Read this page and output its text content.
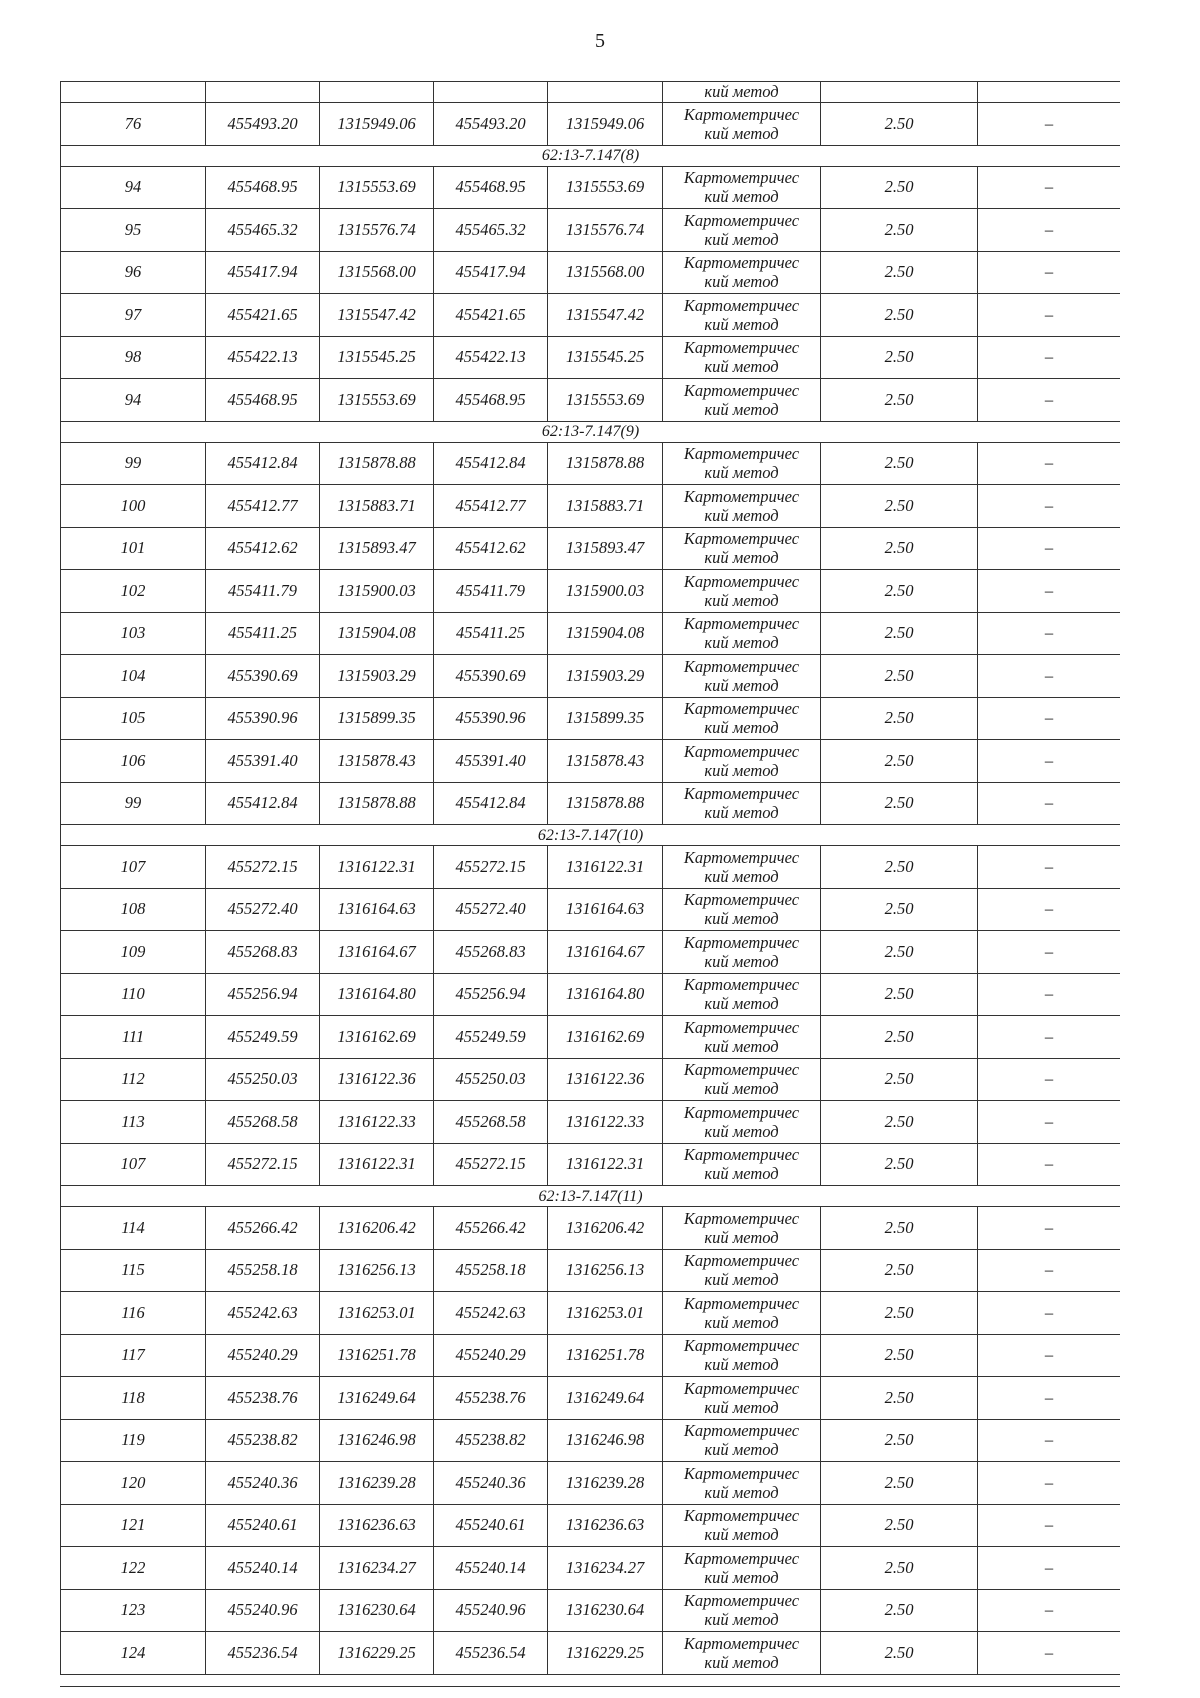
5
					кий метод		
76	455493.20	1315949.06	455493.20	1315949.06	Картометричес
кий метод	2.50	–
62:13-7.147(8)							
94	455468.95	1315553.69	455468.95	1315553.69	Картометричес
кий метод	2.50	–
95	455465.32	1315576.74	455465.32	1315576.74	Картометричес
кий метод	2.50	–
96	455417.94	1315568.00	455417.94	1315568.00	Картометричес
кий метод	2.50	–
97	455421.65	1315547.42	455421.65	1315547.42	Картометричес
кий метод	2.50	–
98	455422.13	1315545.25	455422.13	1315545.25	Картометричес
кий метод	2.50	–
94	455468.95	1315553.69	455468.95	1315553.69	Картометричес
кий метод	2.50	–
62:13-7.147(9)							
99	455412.84	1315878.88	455412.84	1315878.88	Картометричес
кий метод	2.50	–
100	455412.77	1315883.71	455412.77	1315883.71	Картометричес
кий метод	2.50	–
101	455412.62	1315893.47	455412.62	1315893.47	Картометричес
кий метод	2.50	–
102	455411.79	1315900.03	455411.79	1315900.03	Картометричес
кий метод	2.50	–
103	455411.25	1315904.08	455411.25	1315904.08	Картометричес
кий метод	2.50	–
104	455390.69	1315903.29	455390.69	1315903.29	Картометричес
кий метод	2.50	–
105	455390.96	1315899.35	455390.96	1315899.35	Картометричес
кий метод	2.50	–
106	455391.40	1315878.43	455391.40	1315878.43	Картометричес
кий метод	2.50	–
99	455412.84	1315878.88	455412.84	1315878.88	Картометричес
кий метод	2.50	–
62:13-7.147(10)							
107	455272.15	1316122.31	455272.15	1316122.31	Картометричес
кий метод	2.50	–
108	455272.40	1316164.63	455272.40	1316164.63	Картометричес
кий метод	2.50	–
109	455268.83	1316164.67	455268.83	1316164.67	Картометричес
кий метод	2.50	–
110	455256.94	1316164.80	455256.94	1316164.80	Картометричес
кий метод	2.50	–
111	455249.59	1316162.69	455249.59	1316162.69	Картометричес
кий метод	2.50	–
112	455250.03	1316122.36	455250.03	1316122.36	Картометричес
кий метод	2.50	–
113	455268.58	1316122.33	455268.58	1316122.33	Картометричес
кий метод	2.50	–
107	455272.15	1316122.31	455272.15	1316122.31	Картометричес
кий метод	2.50	–
62:13-7.147(11)							
114	455266.42	1316206.42	455266.42	1316206.42	Картометричес
кий метод	2.50	–
115	455258.18	1316256.13	455258.18	1316256.13	Картометричес
кий метод	2.50	–
116	455242.63	1316253.01	455242.63	1316253.01	Картометричес
кий метод	2.50	–
117	455240.29	1316251.78	455240.29	1316251.78	Картометричес
кий метод	2.50	–
118	455238.76	1316249.64	455238.76	1316249.64	Картометричес
кий метод	2.50	–
119	455238.82	1316246.98	455238.82	1316246.98	Картометричес
кий метод	2.50	–
120	455240.36	1316239.28	455240.36	1316239.28	Картометричес
кий метод	2.50	–
121	455240.61	1316236.63	455240.61	1316236.63	Картометричес
кий метод	2.50	–
122	455240.14	1316234.27	455240.14	1316234.27	Картометричес
кий метод	2.50	–
123	455240.96	1316230.64	455240.96	1316230.64	Картометричес
кий метод	2.50	–
124	455236.54	1316229.25	455236.54	1316229.25	Картометричес
кий метод	2.50	–
